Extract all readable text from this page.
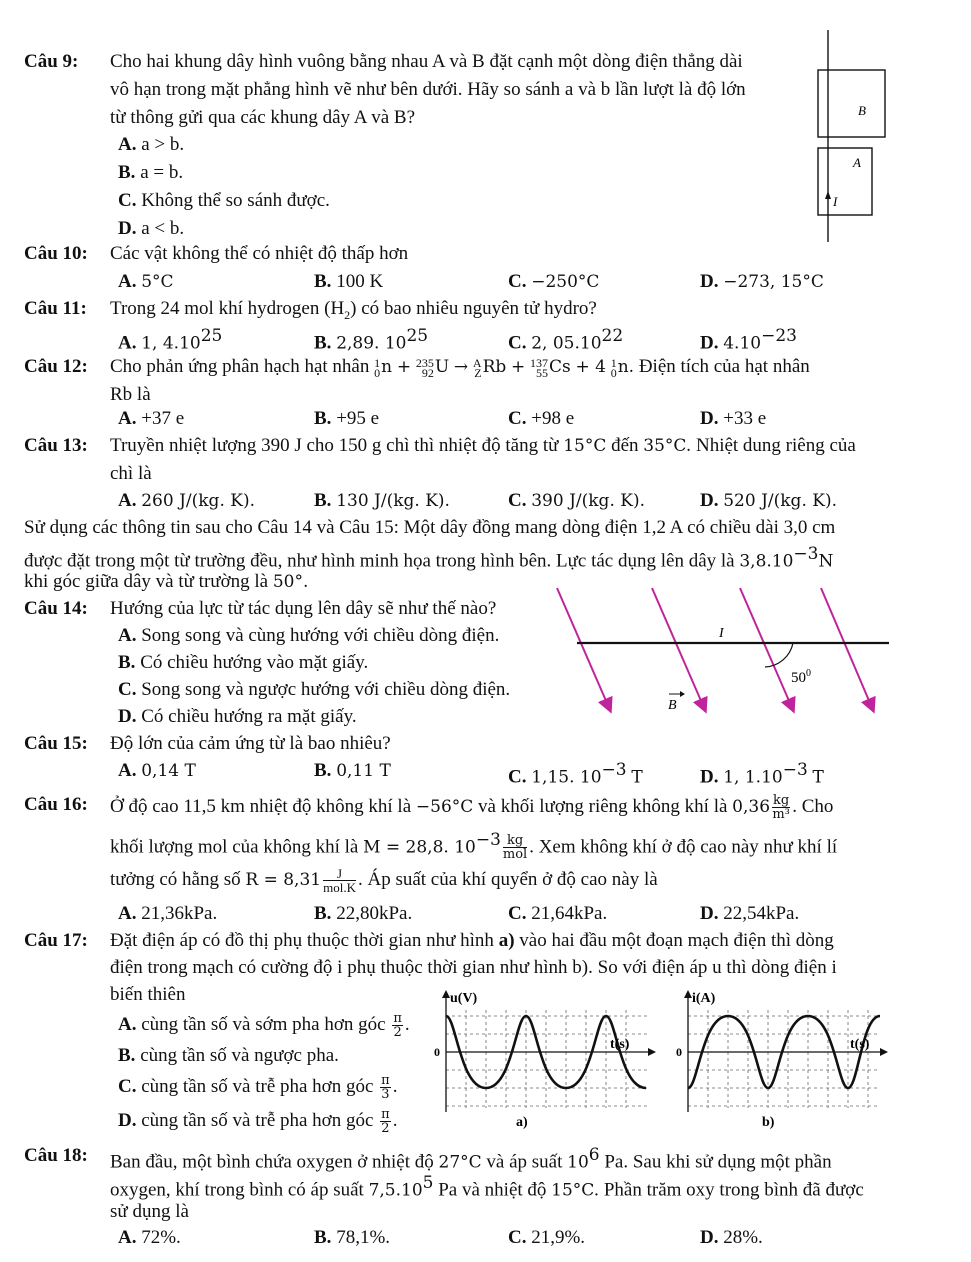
Câu 9: Cho hai khung dây hình vuông bằng nhau A và B đặt cạnh một dòng điện thẳng dài
vô hạn trong mặt phẳng hình vẽ như bên dưới. Hãy so sánh a và b lần lượt là độ lớn
từ thông gửi qua các khung dây A và B?
A. a > b.
B. a = b.
C. Không thể so sánh được.
D. a < b.
B
A
I
Câu 10: Các vật không thể có nhiệt độ thấp hơn
A. 5°C	B. 100 K	C. −250°C	D. −273, 15°C
Câu 11: Trong 24 mol khí hydrogen $(H_2)$ có bao nhiêu nguyên tử hydro?
A. 1, 4.10$^{25}$	B. 2,89. $10^{25}$	C. 2, 05.10$^{22}$	D. $4.10^{-23}$
Câu 12: Cho phản ứng phân hạch hạt nhân 1
0 n + 235
92 U → A
Z Rb + 137
55 Cs + 4 1
0 n. Điện tích của hạt nhân
Rb là
A. +37 e	B. +95 e	C. +98 e	D. +33 e
Câu 13: Truyền nhiệt lượng 390 J cho 150 g chì thì nhiệt độ tăng từ 15°C đến 35°C. Nhiệt dung riêng của
chì là
A. 260 J/(kg. K).	B. 130 J/(kg. K).	C. 390 J/(kg. K).	D. 520 J/(kg. K).
Sử dụng các thông tin sau cho Câu 14 và Câu 15: Một dây đồng mang dòng điện 1,2 A có chiều dài 3,0 cm
được đặt trong một từ trường đều, như hình minh họa trong hình bên. Lực tác dụng lên dây là $3,8.10^{-3}N$
khi góc giữa dây và từ trường là 50°.
Câu 14: Hướng của lực từ tác dụng lên dây sẽ như thế nào?
A. Song song và cùng hướng với chiều dòng điện.
B. Có chiều hướng vào mặt giấy.
C. Song song và ngược hướng với chiều dòng điện.
D. Có chiều hướng ra mặt giấy.
I
$50^0$
B
Câu 15: Độ lớn của cảm ứng từ là bao nhiêu?
A. 0,14 T	B. 0,11 T	C. 1,15. $10^{-3}$ T	D. 1, $1.10^{-3}$ T
Câu 16: Ở độ cao 11,5 km nhiệt độ không khí là −56°C và khối lượng riêng không khí là $0,36 \frac{kg}{\text{m³}}$ . Cho
khối lượng mol của không khí là M = 28,8. $10^{-3} \frac{kg}{\text{mol}}$ . Xem không khí ở độ cao này như khí lí
tưởng có hằng số $R = 8,31 \frac{J}{\text{mol.K}}$ . Áp suất của khí quyển ở độ cao này là
A. 21,36kPa.	B. 22,80kPa.	C. 21,64kPa.	D. 22,54kPa.
Câu 17: Đặt điện áp có đồ thị phụ thuộc thời gian như hình a) vào hai đầu một đoạn mạch điện thì dòng
điện trong mạch có cường độ i phụ thuộc thời gian như hình b). So với điện áp u thì dòng điện i
biến thiên
A. cùng tần số và sớm pha hơn góc $\frac{\pi}{2}$ .
B. cùng tần số và ngược pha.
C. cùng tần số và trễ pha hơn góc $\frac{\pi}{3}$ .
D. cùng tần số và trễ pha hơn góc $\frac{\pi}{2}$ .
u(V)
t(s)
0
a)
i(A)
t(s)
0
b)
Câu 18: Ban đầu, một bình chứa oxygen ở nhiệt độ 27°C và áp suất $10^6$ Pa. Sau khi sử dụng một phần
oxygen, khí trong bình có áp suất 7,5.10$^5$ Pa và nhiệt độ 15°C. Phần trăm oxy trong bình đã được
sử dụng là
A. 72%.	B. 78,1%.	C. 21,9%.	D. 28%.
